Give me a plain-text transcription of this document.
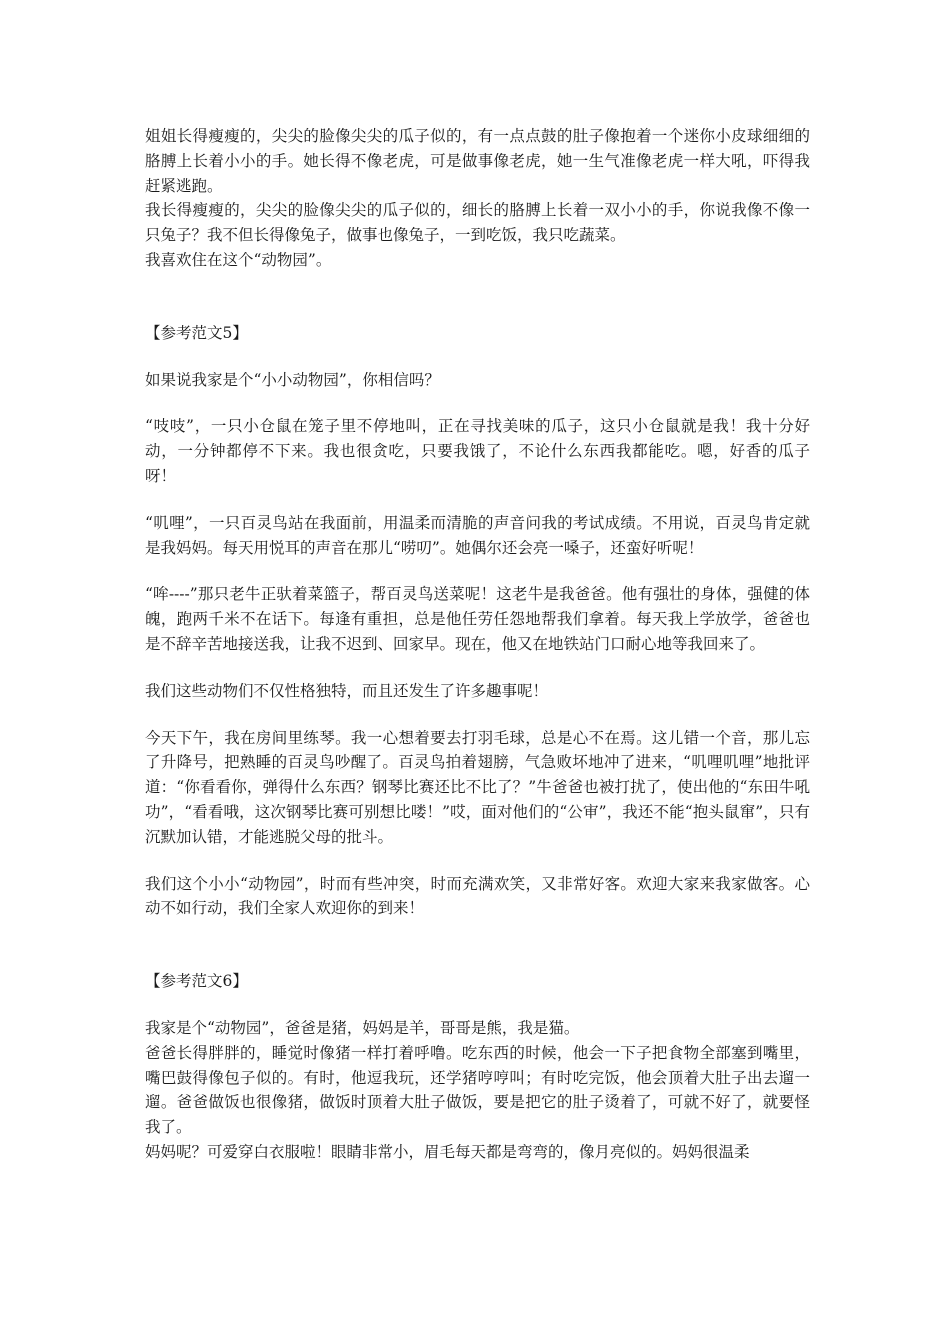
姐姐长得瘦瘦的，尖尖的脸像尖尖的瓜子似的，有一点点鼓的肚子像抱着一个迷你小皮球细细的胳膊上长着小小的手。她长得不像老虎，可是做事像老虎，她一生气准像老虎一样大吼，吓得我赶紧逃跑。

我长得瘦瘦的，尖尖的脸像尖尖的瓜子似的，细长的胳膊上长着一双小小的手，你说我像不像一只兔子？我不但长得像兔子，做事也像兔子，一到吃饭，我只吃蔬菜。

我喜欢住在这个“动物园”。

【参考范文5】

如果说我家是个“小小动物园”，你相信吗？

“吱吱”，一只小仓鼠在笼子里不停地叫，正在寻找美味的瓜子，这只小仓鼠就是我！我十分好动，一分钟都停不下来。我也很贪吃，只要我饿了，不论什么东西我都能吃。嗯，好香的瓜子呀！

“叽哩”，一只百灵鸟站在我面前，用温柔而清脆的声音问我的考试成绩。不用说，百灵鸟肯定就是我妈妈。每天用悦耳的声音在那儿“唠叨”。她偶尔还会亮一嗓子，还蛮好听呢！

“哞----”那只老牛正驮着菜篮子，帮百灵鸟送菜呢！这老牛是我爸爸。他有强壮的身体，强健的体魄，跑两千米不在话下。每逢有重担，总是他任劳任怨地帮我们拿着。每天我上学放学，爸爸也是不辞辛苦地接送我，让我不迟到、回家早。现在，他又在地铁站门口耐心地等我回来了。

我们这些动物们不仅性格独特，而且还发生了许多趣事呢！

今天下午，我在房间里练琴。我一心想着要去打羽毛球，总是心不在焉。这儿错一个音，那儿忘了升降号，把熟睡的百灵鸟吵醒了。百灵鸟拍着翅膀，气急败坏地冲了进来，“叽哩叽哩”地批评道：“你看看你，弹得什么东西？钢琴比赛还比不比了？”牛爸爸也被打扰了，使出他的“东田牛吼功”，“看看哦，这次钢琴比赛可别想比喽！”哎，面对他们的“公审”，我还不能“抱头鼠窜”，只有沉默加认错，才能逃脱父母的批斗。

我们这个小小“动物园”，时而有些冲突，时而充满欢笑，又非常好客。欢迎大家来我家做客。心动不如行动，我们全家人欢迎你的到来！

【参考范文6】

我家是个“动物园”，爸爸是猪，妈妈是羊，哥哥是熊，我是猫。

爸爸长得胖胖的，睡觉时像猪一样打着呼噜。吃东西的时候，他会一下子把食物全部塞到嘴里，嘴巴鼓得像包子似的。有时，他逗我玩，还学猪哼哼叫；有时吃完饭，他会顶着大肚子出去遛一遛。爸爸做饭也很像猪，做饭时顶着大肚子做饭，要是把它的肚子烫着了，可就不好了，就要怪我了。

妈妈呢？可爱穿白衣服啦！眼睛非常小，眉毛每天都是弯弯的，像月亮似的。妈妈很温柔
